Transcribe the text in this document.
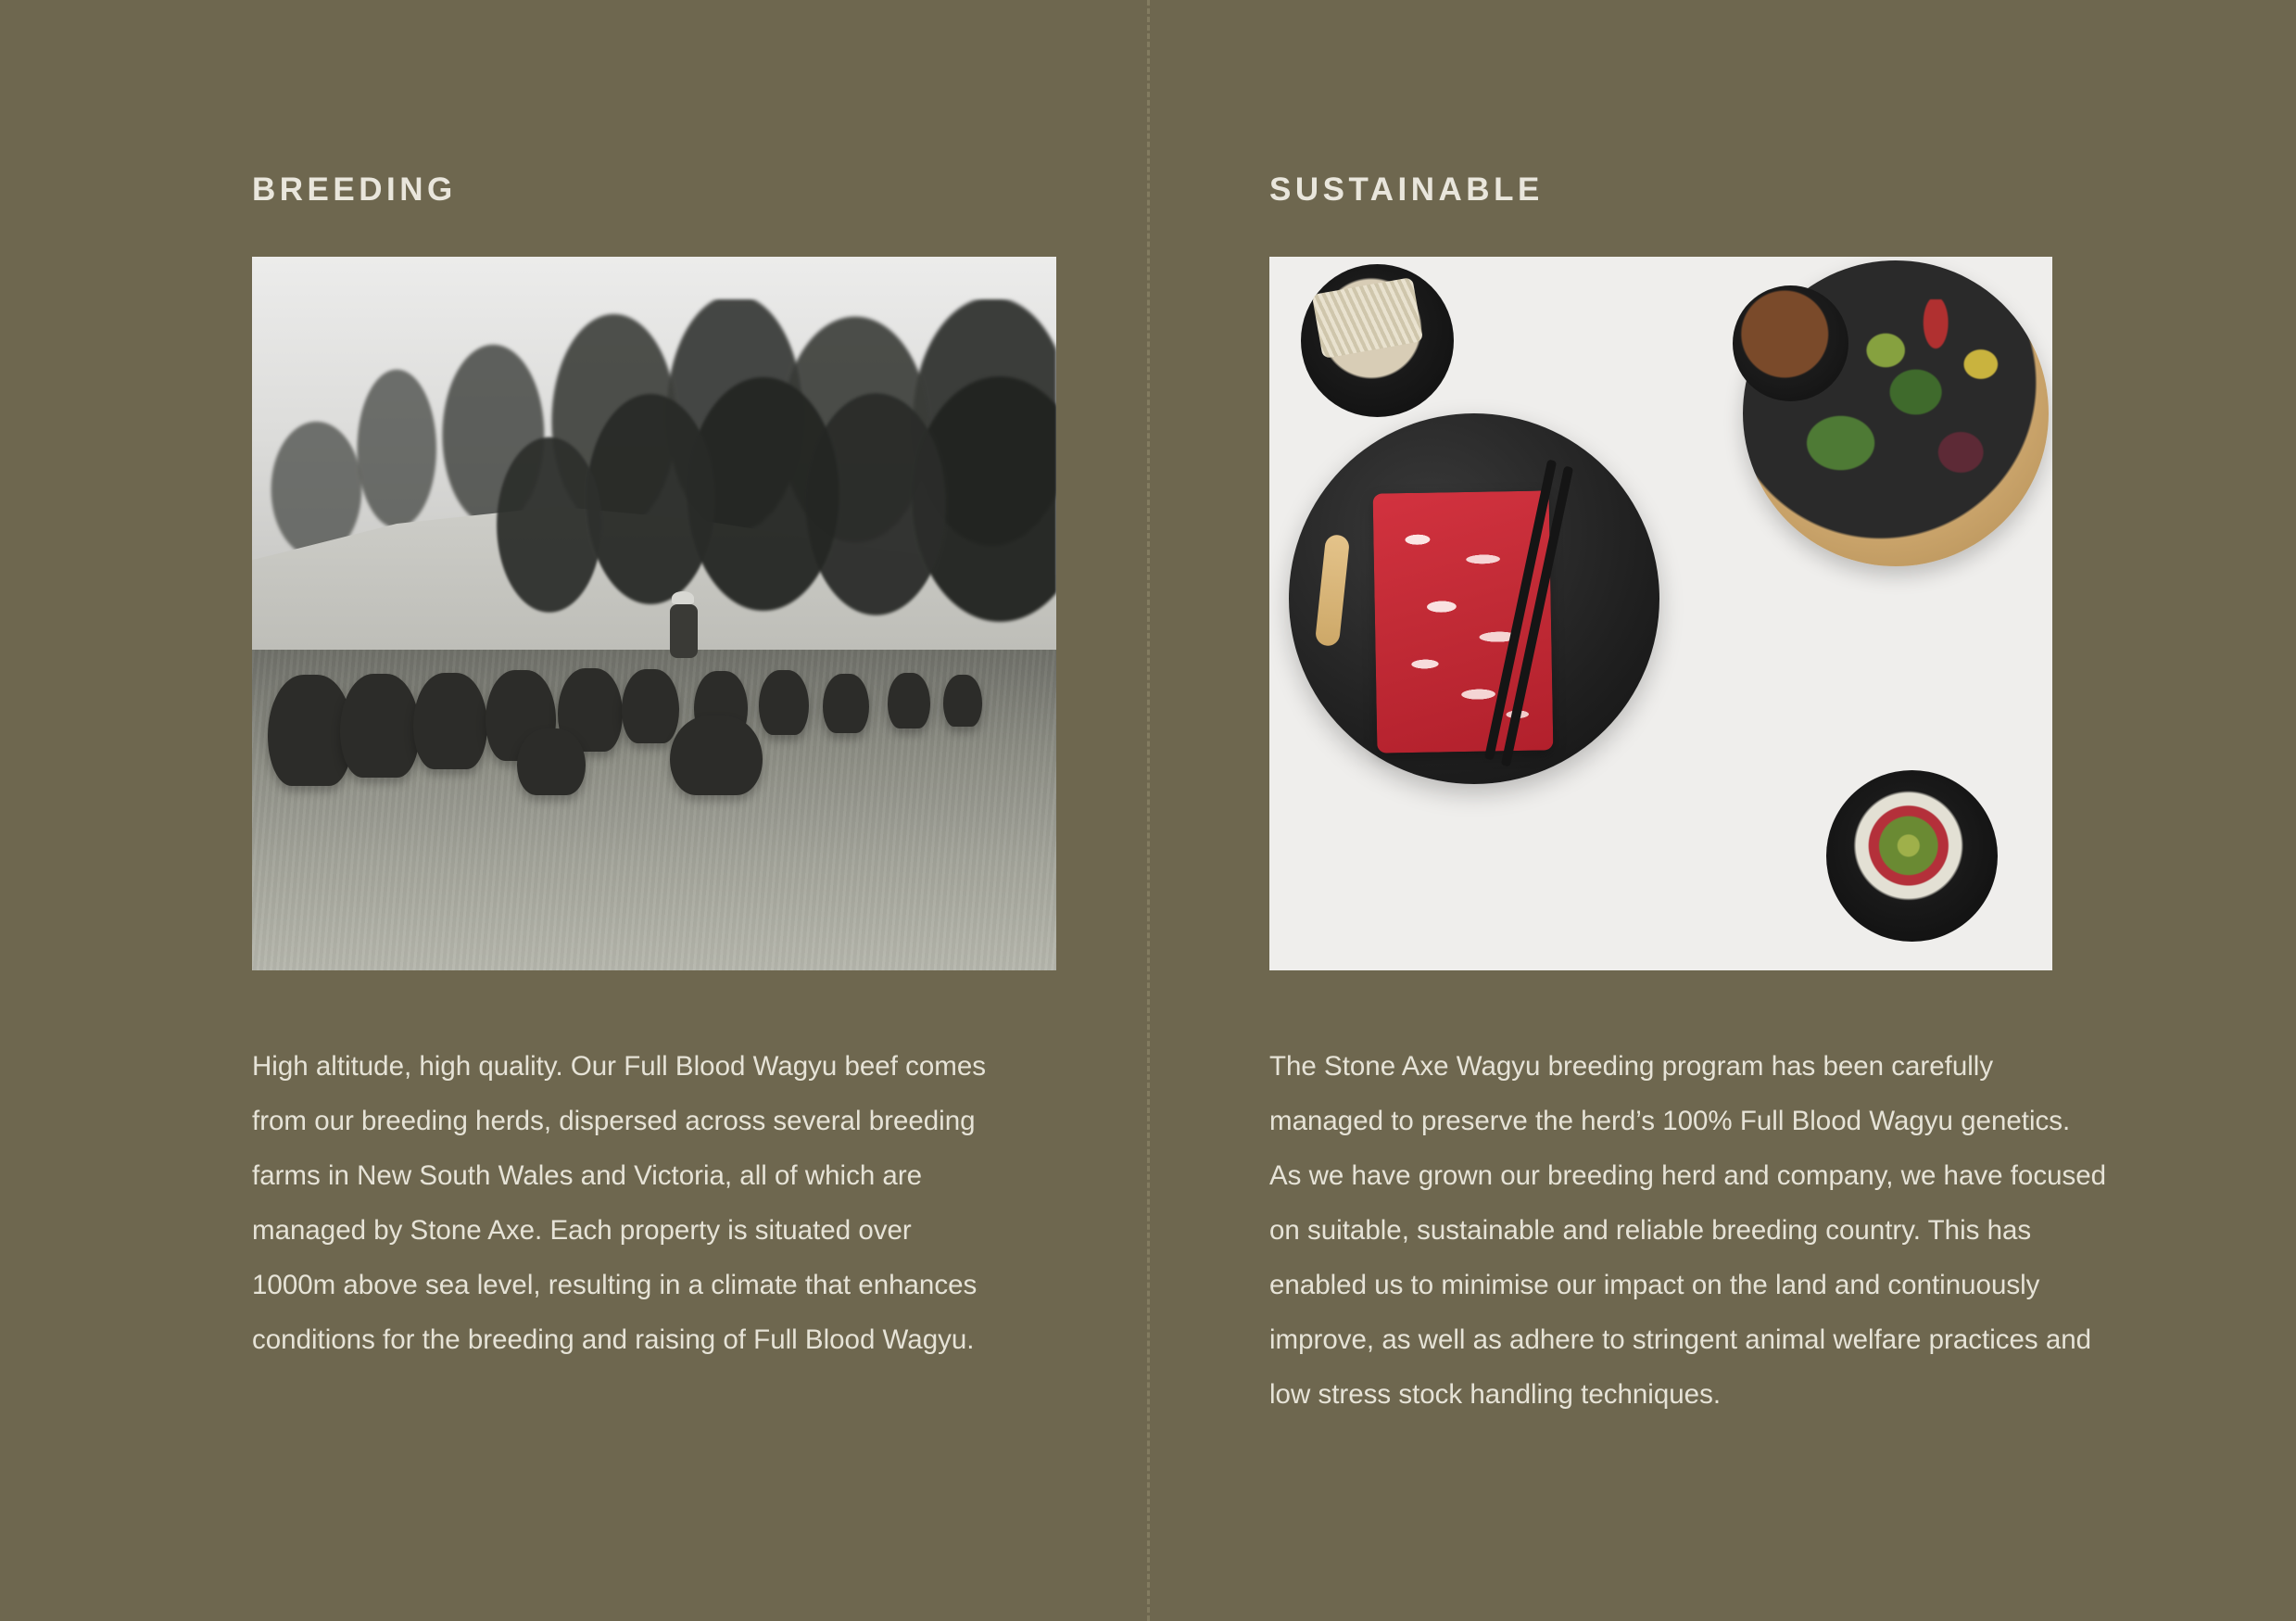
BREEDING

High altitude, high quality. Our Full Blood Wagyu beef comes from our breeding herds, dispersed across several breeding farms in New South Wales and Victoria, all of which are managed by Stone Axe. Each property is situated over 1000m above sea level, resulting in a climate that enhances conditions for the breeding and raising of Full Blood Wagyu.

SUSTAINABLE

The Stone Axe Wagyu breeding program has been carefully managed to preserve the herd’s 100% Full Blood Wagyu genetics. As we have grown our breeding herd and company, we have focused on suitable, sustainable and reliable breeding country. This has enabled us to minimise our impact on the land and continuously improve, as well as adhere to stringent animal welfare practices and low stress stock handling techniques.
